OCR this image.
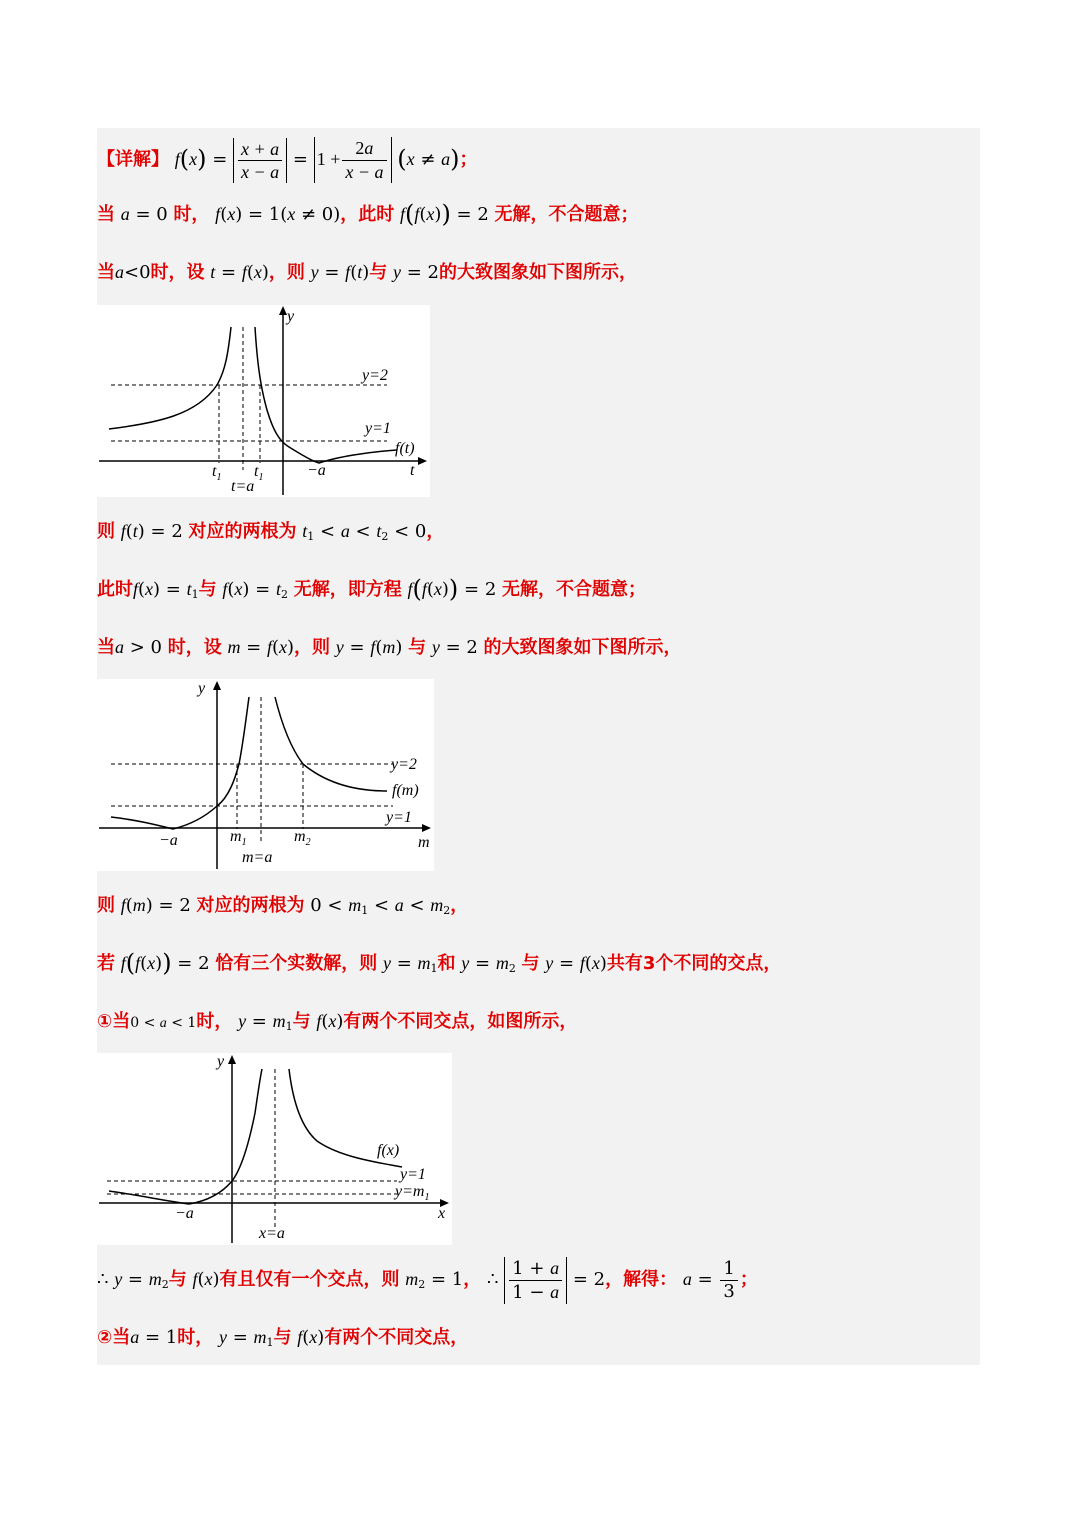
【详解】 $f(x) = \frac{x + a}{x - a} = 1 + \frac{2a}{x - a} (x \ne a)$；
当 a = 0 时， f(x) = 1(x ≠ 0)，此时 f(f(x)) = 2 无解，不合题意；
当a<0时，设 t = f(x)，则 y = f(t)与 y = 2的大致图象如下图所示，
y
t
y=2
y=1
f(t)
−a
$t_1$ $t_1$
t=a
则 f(t) = 2 对应的两根为 $t_1 < a < t_2 < 0$，
此时$f(x) = t_1$与 $f(x) = t_2$ 无解，即方程 f(f(x)) = 2 无解，不合题意；
当a > 0 时，设 m = f(x)，则 y = f(m) 与 y = 2 的大致图象如下图所示，
y
m
y=2
f(m)
y=1
−a	$m_1$	$m_2$
m=a
则 f(m) = 2 对应的两根为 $0 < m_1 < a < m_2$，
若 f(f(x)) = 2 恰有三个实数解，则 $y = m_1$和 $y = m_2$ 与 y = f(x)共有3个不同的交点，
①当0 < a < 1时， $y = m_1$与 f(x)有两个不同交点，如图所示，
y
x
f(x)
y=1
$y=m_1$
−a
x=a
∴ $y = m_2$与 f(x)有且仅有一个交点，则 $m_2 = 1$， ∴ $\frac{1 + a}{1 - a} = 2$，解得： $a = \frac{1}{3}$ ；
②当a = 1时， $y = m_1$与 f(x)有两个不同交点，
